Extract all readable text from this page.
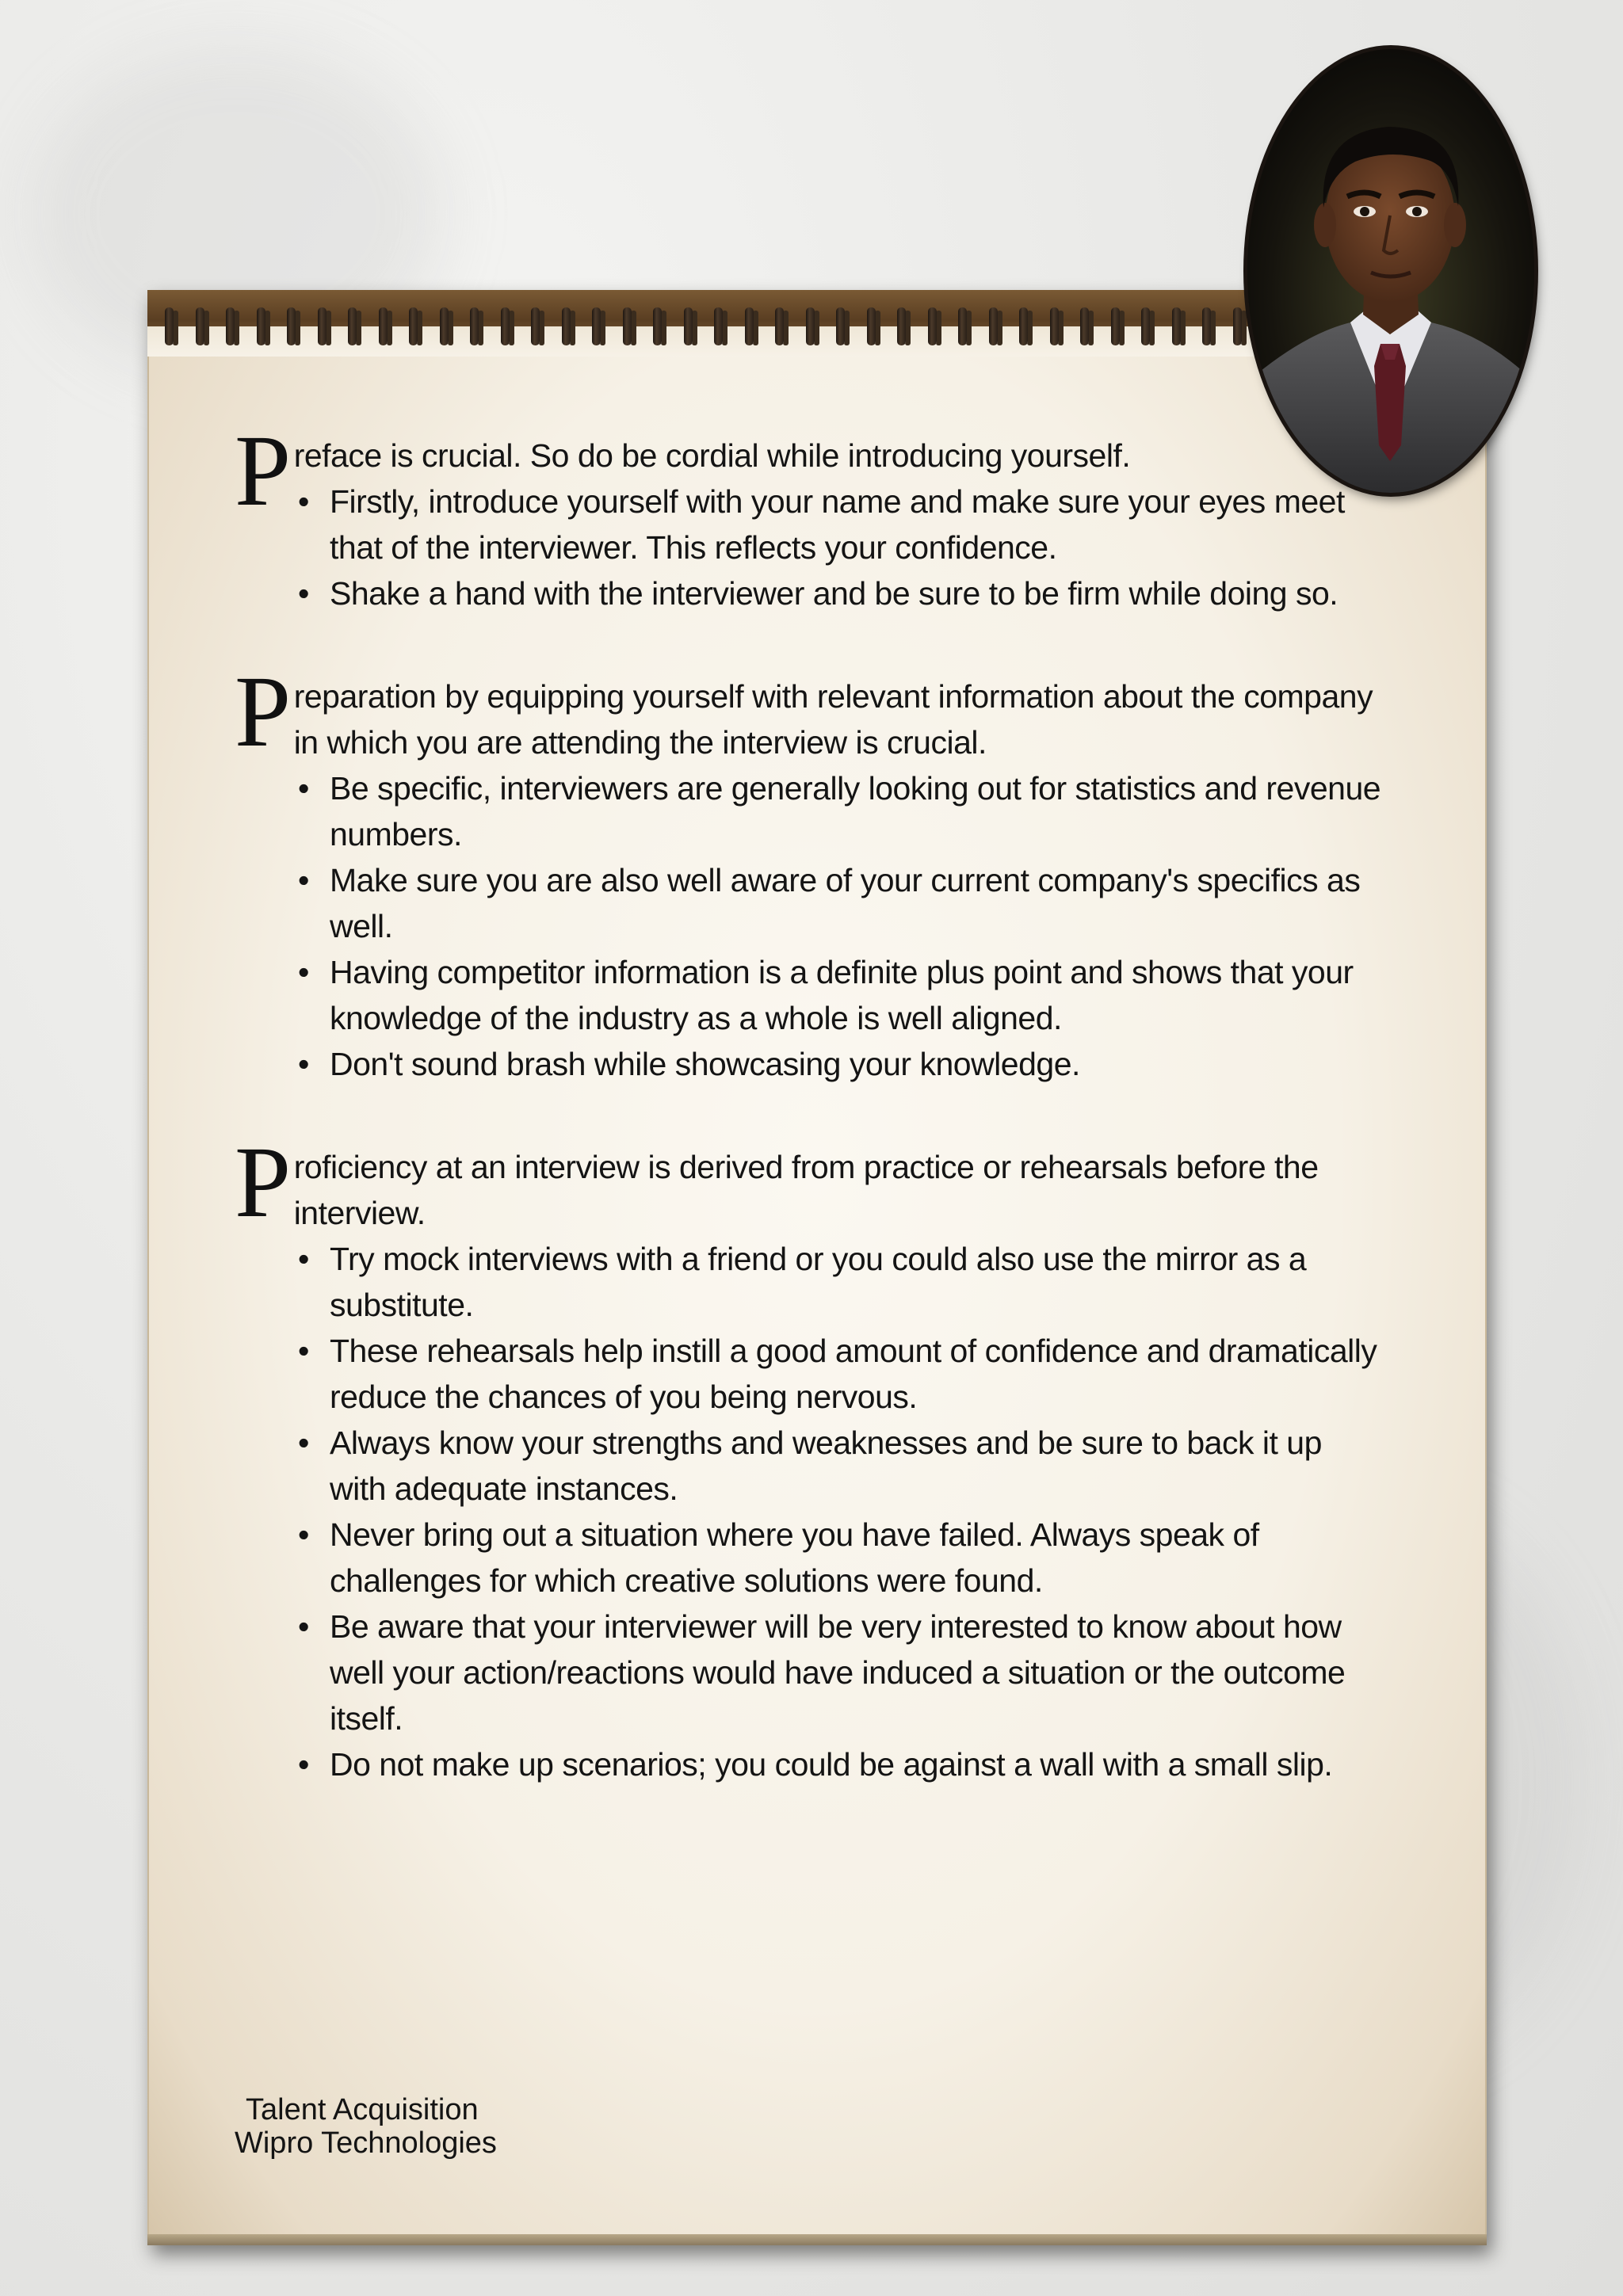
Preface is crucial. So do be cordial while introducing yourself.

• Firstly, introduce yourself with your name and make sure your eyes meet that of the interviewer. This reflects your confidence.
• Shake a hand with the interviewer and be sure to be firm while doing so.

Preparation by equipping yourself with relevant information about the company in which you are attending the interview is crucial.

• Be specific, interviewers are generally looking out for statistics and revenue numbers.
• Make sure you are also well aware of your current company's specifics as well.
• Having competitor information is a definite plus point and shows that your knowledge of the industry as a whole is well aligned.
• Don't sound brash while showcasing your knowledge.

Proficiency at an interview is derived from practice or rehearsals before the interview.

• Try mock interviews with a friend or you could also use the mirror as a substitute.
• These rehearsals help instill a good amount of confidence and dramatically reduce the chances of you being nervous.
• Always know your strengths and weaknesses and be sure to back it up with adequate instances.
• Never bring out a situation where you have failed. Always speak of challenges for which creative solutions were found.
• Be aware that your interviewer will be very interested to know about how well your action/reactions would have induced a situation or the outcome itself.
• Do not make up scenarios; you could be against a wall with a small slip.
Talent Acquisition
Wipro Technologies
